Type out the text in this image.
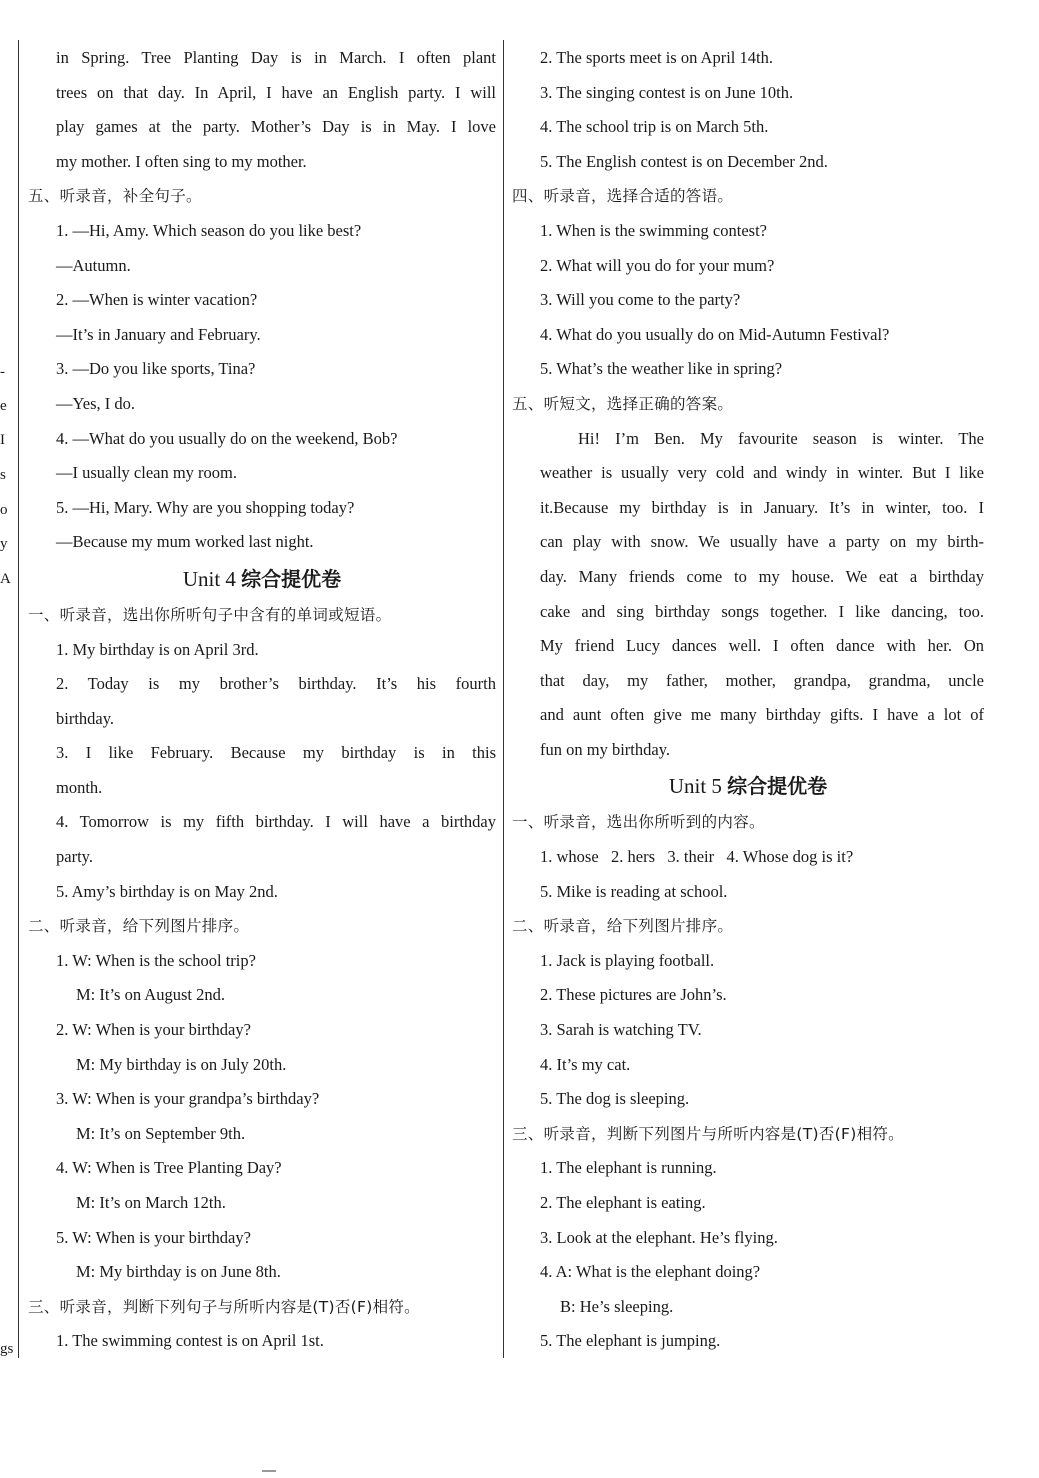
-
e
I
s
o
y
A
gs
in Spring. Tree Planting Day is in March. I often plant
trees on that day. In April, I have an English party. I will
play games at the party. Mother’s Day is in May. I love
my mother. I often sing to my mother.
五、听录音，补全句子。
1. —Hi, Amy. Which season do you like best?
—Autumn.
2. —When is winter vacation?
—It’s in January and February.
3. —Do you like sports, Tina?
—Yes, I do.
4. —What do you usually do on the weekend, Bob?
—I usually clean my room.
5. —Hi, Mary. Why are you shopping today?
—Because my mum worked last night.
Unit 4 综合提优卷
一、听录音，选出你所听句子中含有的单词或短语。
1. My birthday is on April 3rd.
2. Today is my brother’s birthday. It’s his fourth
birthday.
3. I like February. Because my birthday is in this
month.
4. Tomorrow is my fifth birthday. I will have a birthday
party.
5. Amy’s birthday is on May 2nd.
二、听录音，给下列图片排序。
1. W: When is the school trip?
M: It’s on August 2nd.
2. W: When is your birthday?
M: My birthday is on July 20th.
3. W: When is your grandpa’s birthday?
M: It’s on September 9th.
4. W: When is Tree Planting Day?
M: It’s on March 12th.
5. W: When is your birthday?
M: My birthday is on June 8th.
三、听录音，判断下列句子与所听内容是(T)否(F)相符。
1. The swimming contest is on April 1st.
2. The sports meet is on April 14th.
3. The singing contest is on June 10th.
4. The school trip is on March 5th.
5. The English contest is on December 2nd.
四、听录音，选择合适的答语。
1. When is the swimming contest?
2. What will you do for your mum?
3. Will you come to the party?
4. What do you usually do on Mid-Autumn Festival?
5. What’s the weather like in spring?
五、听短文，选择正确的答案。
Hi! I’m Ben. My favourite season is winter. The
weather is usually very cold and windy in winter. But I like
it.Because my birthday is in January. It’s in winter, too. I
can play with snow. We usually have a party on my birth-
day. Many friends come to my house. We eat a birthday
cake and sing birthday songs together. I like dancing, too.
My friend Lucy dances well. I often dance with her. On
that day, my father, mother, grandpa, grandma, uncle
and aunt often give me many birthday gifts. I have a lot of
fun on my birthday.
Unit 5 综合提优卷
一、听录音，选出你所听到的内容。
1. whose   2. hers   3. their   4. Whose dog is it?
5. Mike is reading at school.
二、听录音，给下列图片排序。
1. Jack is playing football.
2. These pictures are John’s.
3. Sarah is watching TV.
4. It’s my cat.
5. The dog is sleeping.
三、听录音，判断下列图片与所听内容是(T)否(F)相符。
1. The elephant is running.
2. The elephant is eating.
3. Look at the elephant. He’s flying.
4. A: What is the elephant doing?
B: He’s sleeping.
5. The elephant is jumping.
